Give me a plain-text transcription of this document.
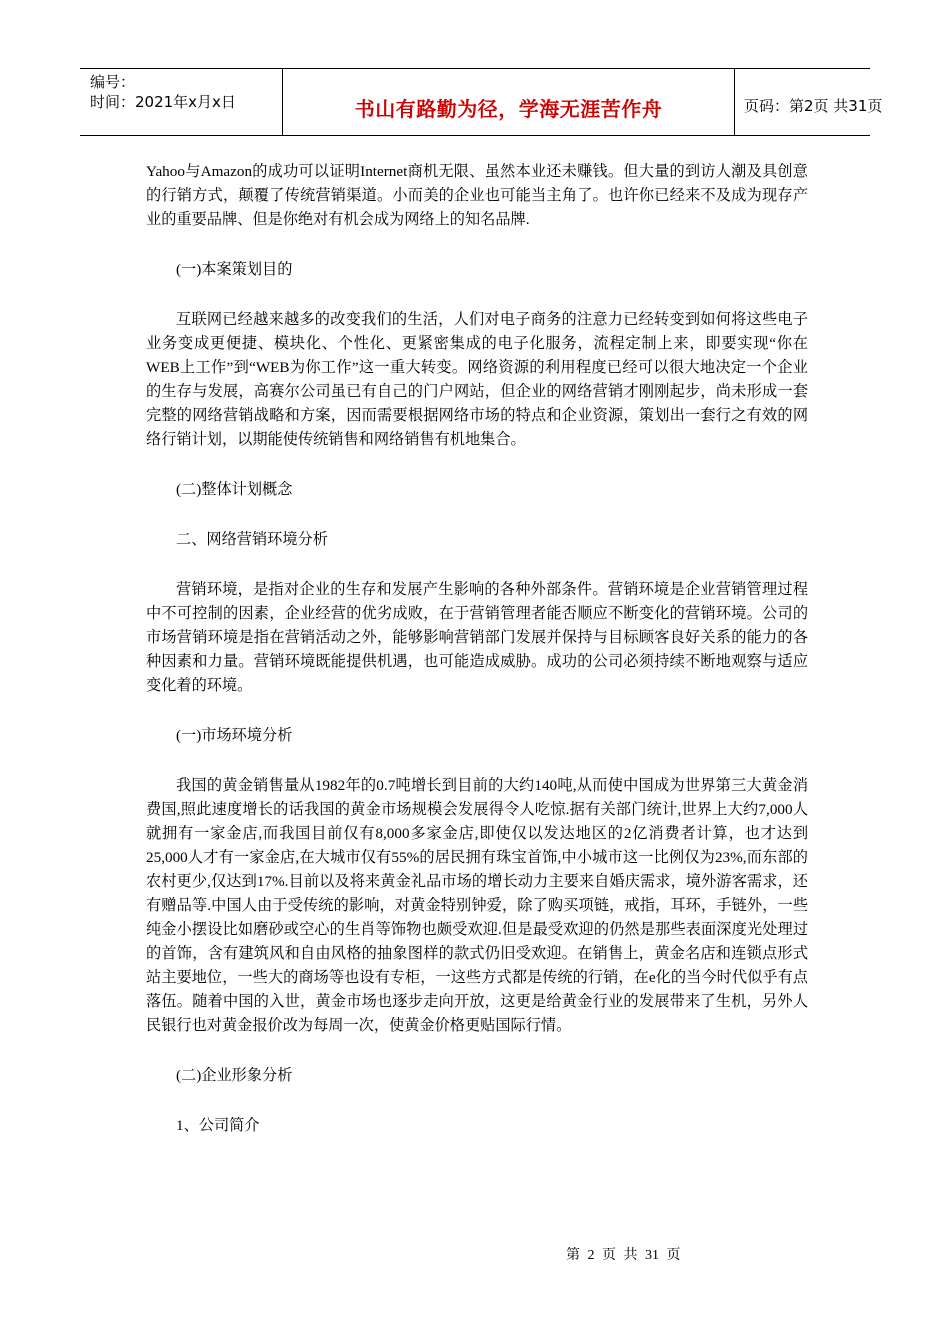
编号：
时间：2021年x月x日	书山有路勤为径，学海无涯苦作舟	页码：第2页 共31页

Yahoo与Amazon的成功可以证明Internet商机无限、虽然本业还未赚钱。但大量的到访人潮及具创意的行销方式，颠覆了传统营销渠道。小而美的企业也可能当主角了。也许你已经来不及成为现存产业的重要品牌、但是你绝对有机会成为网络上的知名品牌.

(一)本案策划目的

互联网已经越来越多的改变我们的生活，人们对电子商务的注意力已经转变到如何将这些电子业务变成更便捷、模块化、个性化、更紧密集成的电子化服务，流程定制上来，即要实现“你在WEB上工作”到“WEB为你工作”这一重大转变。网络资源的利用程度已经可以很大地决定一个企业的生存与发展，高赛尔公司虽已有自己的门户网站，但企业的网络营销才刚刚起步，尚未形成一套完整的网络营销战略和方案，因而需要根据网络市场的特点和企业资源，策划出一套行之有效的网络行销计划，以期能使传统销售和网络销售有机地集合。

(二)整体计划概念

二、网络营销环境分析

营销环境，是指对企业的生存和发展产生影响的各种外部条件。营销环境是企业营销管理过程中不可控制的因素，企业经营的优劣成败，在于营销管理者能否顺应不断变化的营销环境。公司的市场营销环境是指在营销活动之外，能够影响营销部门发展并保持与目标顾客良好关系的能力的各种因素和力量。营销环境既能提供机遇，也可能造成威胁。成功的公司必须持续不断地观察与适应变化着的环境。

(一)市场环境分析

我国的黄金销售量从1982年的0.7吨增长到目前的大约140吨,从而使中国成为世界第三大黄金消费国,照此速度增长的话我国的黄金市场规模会发展得令人吃惊.据有关部门统计,世界上大约7,000人就拥有一家金店,而我国目前仅有8,000多家金店,即使仅以发达地区的2亿消费者计算，也才达到25,000人才有一家金店,在大城市仅有55%的居民拥有珠宝首饰,中小城市这一比例仅为23%,而东部的农村更少,仅达到17%.目前以及将来黄金礼品市场的增长动力主要来自婚庆需求，境外游客需求，还有赠品等.中国人由于受传统的影响，对黄金特别钟爱，除了购买项链，戒指，耳环，手链外，一些纯金小摆设比如磨砂或空心的生肖等饰物也颇受欢迎.但是最受欢迎的仍然是那些表面深度光处理过的首饰，含有建筑风和自由风格的抽象图样的款式仍旧受欢迎。在销售上，黄金名店和连锁点形式站主要地位，一些大的商场等也设有专柜，一这些方式都是传统的行销，在e化的当今时代似乎有点落伍。随着中国的入世，黄金市场也逐步走向开放，这更是给黄金行业的发展带来了生机，另外人民银行也对黄金报价改为每周一次，使黄金价格更贴国际行情。

(二)企业形象分析

1、公司简介

第 2 页 共 31 页
